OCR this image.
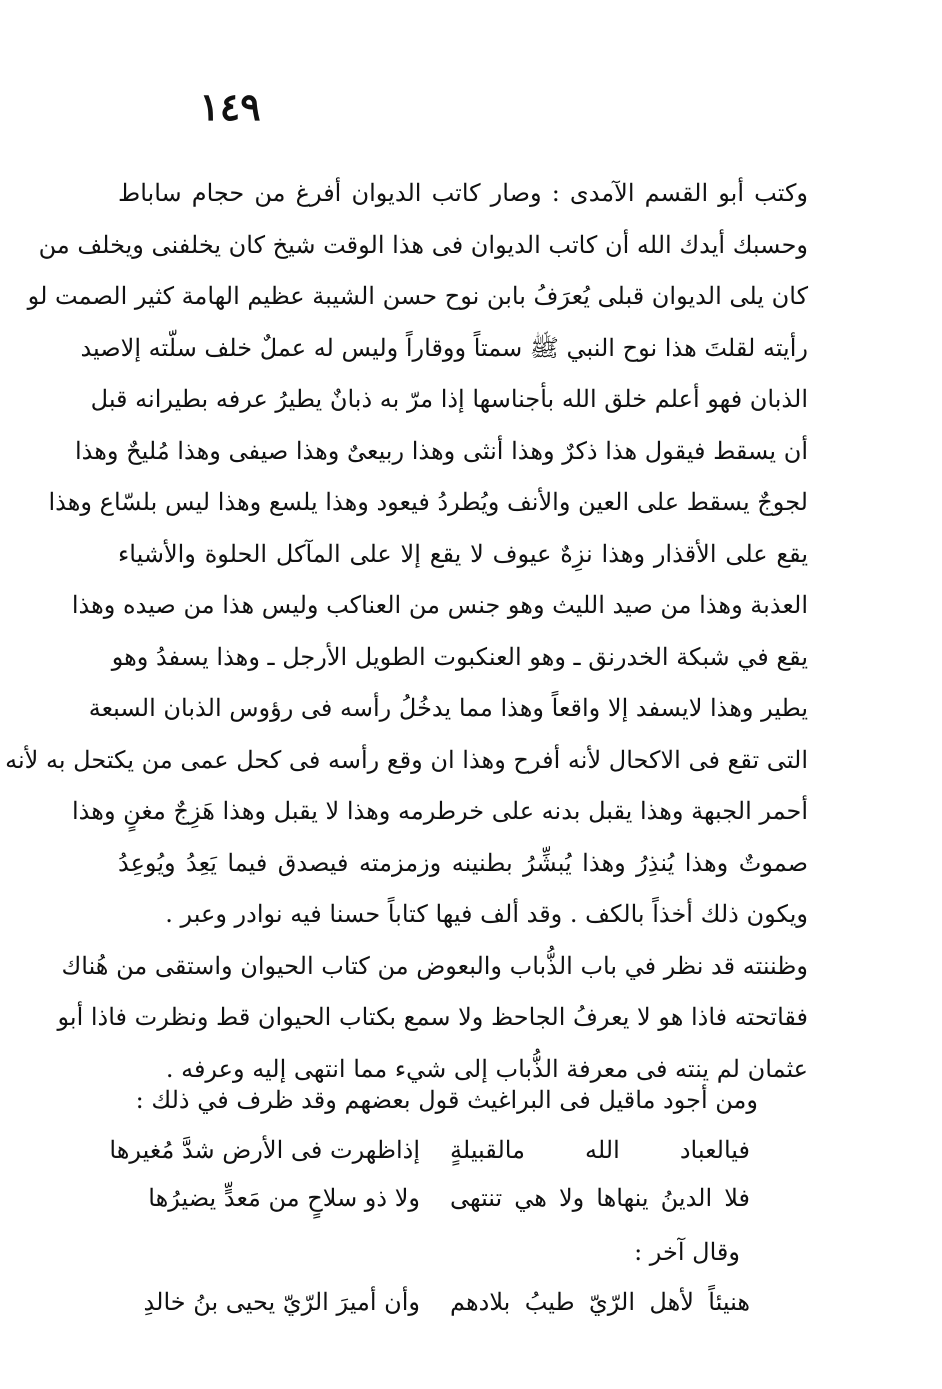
١٤٩
وكتب أبو القسم الآمدى : وصار كاتب الديوان أفرغ من حجام ساباط
وحسبك أيدك الله أن كاتب الديوان فى هذا الوقت شيخ كان يخلفنى ويخلف من
كان يلى الديوان قبلى يُعرَفُ بابن نوح حسن الشيبة عظيم الهامة كثير الصمت لو
رأيته لقلتَ هذا نوح النبي ﷺ سمتاً ووقاراً وليس له عملٌ خلف سلّته إلاصيد
الذبان فهو أعلم خلق الله بأجناسها إذا مرّ به ذبانٌ يطيرُ عرفه بطيرانه قبل
أن يسقط فيقول هذا ذكرٌ وهذا أنثى وهذا ربيعىٌ وهذا صيفى وهذا مُليحٌ وهذا
لجوجٌ يسقط على العين والأنف ويُطردُ فيعود وهذا يلسع وهذا ليس بلسّاع وهذا
يقع على الأقذار وهذا نزِهٌ عيوف لا يقع إلا على المآكل الحلوة والأشياء
العذبة وهذا من صيد الليث وهو جنس من العناكب وليس هذا من صيده وهذا
يقع في شبكة الخدرنق ـ وهو العنكبوت الطويل الأرجل ـ وهذا يسفدُ وهو
يطير وهذا لايسفد إلا واقعاً وهذا مما يدخُلُ رأسه فى رؤوس الذبان السبعة
التى تقع فى الاكحال لأنه أفرح وهذا ان وقع رأسه فى كحل عمى من يكتحل به لأنه
أحمر الجبهة وهذا يقبل بدنه على خرطرمه وهذا لا يقبل وهذا هَزِجٌ مغنٍ وهذا
صموتٌ وهذا يُنذِرُ وهذا يُبشِّرُ بطنينه وزمزمته فيصدق فيما يَعِدُ ويُوعِدُ
ويكون ذلك أخذاً بالكف . وقد ألف فيها كتاباً حسنا فيه نوادر وعبر .
وظننته قد نظر في باب الذُّباب والبعوض من كتاب الحيوان واستقى من هُناك
فقاتحته فاذا هو لا يعرفُ الجاحظ ولا سمع بكتاب الحيوان قط ونظرت فاذا أبو
عثمان لم ينته فى معرفة الذُّباب إلى شيء مما انتهى إليه وعرفه .
ومن أجود ماقيل فى البراغيث قول بعضهم وقد ظرف في ذلك :
فيالعباد الله مالقبيلةٍ
إذاظهرت فى الأرض شدَّ مُغيرها
فلا الدينُ ينهاها ولا هي تنتهى
ولا ذو سلاحٍ من مَعدٍّ يضيرُها
وقال آخر :
هنيئاً لأهل الرّيّ طيبُ بلادهم
وأن أميرَ الرّيّ يحيى بنُ خالدِ
